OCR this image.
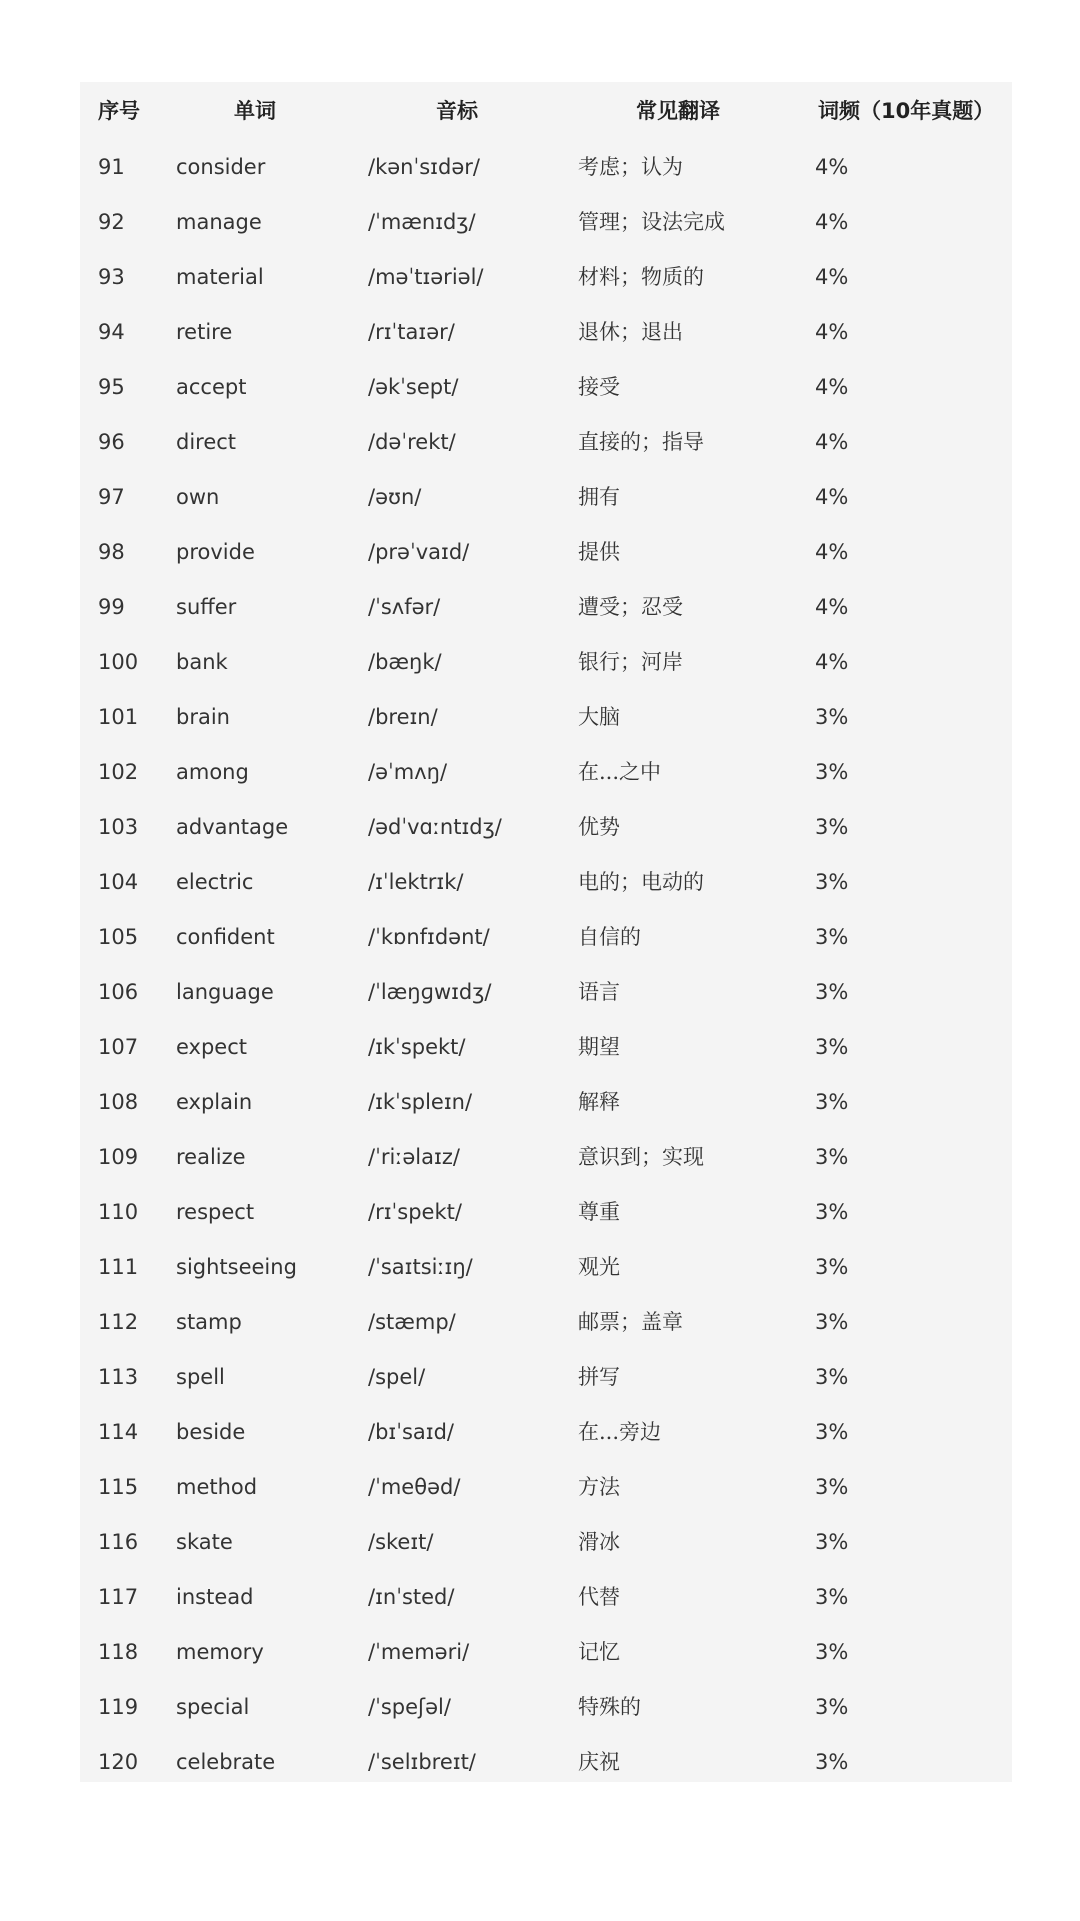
序号	单词	音标	常见翻译	词频（10年真题）
91 consider	/kənˈsɪdər/	考虑；认为	4%
92 manage	/ˈmænɪdʒ/	管理；设法完成	4%
93 material	/məˈtɪəriəl/	材料；物质的	4%
94 retire	/rɪˈtaɪər/	退休；退出	4%
95 accept	/əkˈsept/	接受	4%
96 direct	/dəˈrekt/	直接的；指导	4%
97 own	/əʊn/	拥有	4%
98 provide	/prəˈvaɪd/	提供	4%
99 suffer	/ˈsʌfər/	遭受；忍受	4%
100 bank	/bæŋk/	银行；河岸	4%
101 brain	/breɪn/	大脑	3%
102 among	/əˈmʌŋ/	在...之中	3%
103 advantage	/ədˈvɑːntɪdʒ/	优势	3%
104 electric	/ɪˈlektrɪk/	电的；电动的	3%
105 confident	/ˈkɒnfɪdənt/	自信的	3%
106 language	/ˈlæŋɡwɪdʒ/	语言	3%
107 expect	/ɪkˈspekt/	期望	3%
108 explain	/ɪkˈspleɪn/	解释	3%
109 realize	/ˈriːəlaɪz/	意识到；实现	3%
110 respect	/rɪˈspekt/	尊重	3%
111 sightseeing	/ˈsaɪtsiːɪŋ/	观光	3%
112 stamp	/stæmp/	邮票；盖章	3%
113 spell	/spel/	拼写	3%
114 beside	/bɪˈsaɪd/	在...旁边	3%
115 method	/ˈmeθəd/	方法	3%
116 skate	/skeɪt/	滑冰	3%
117 instead	/ɪnˈsted/	代替	3%
118 memory	/ˈmeməri/	记忆	3%
119 special	/ˈspeʃəl/	特殊的	3%
120 celebrate	/ˈselɪbreɪt/	庆祝	3%
